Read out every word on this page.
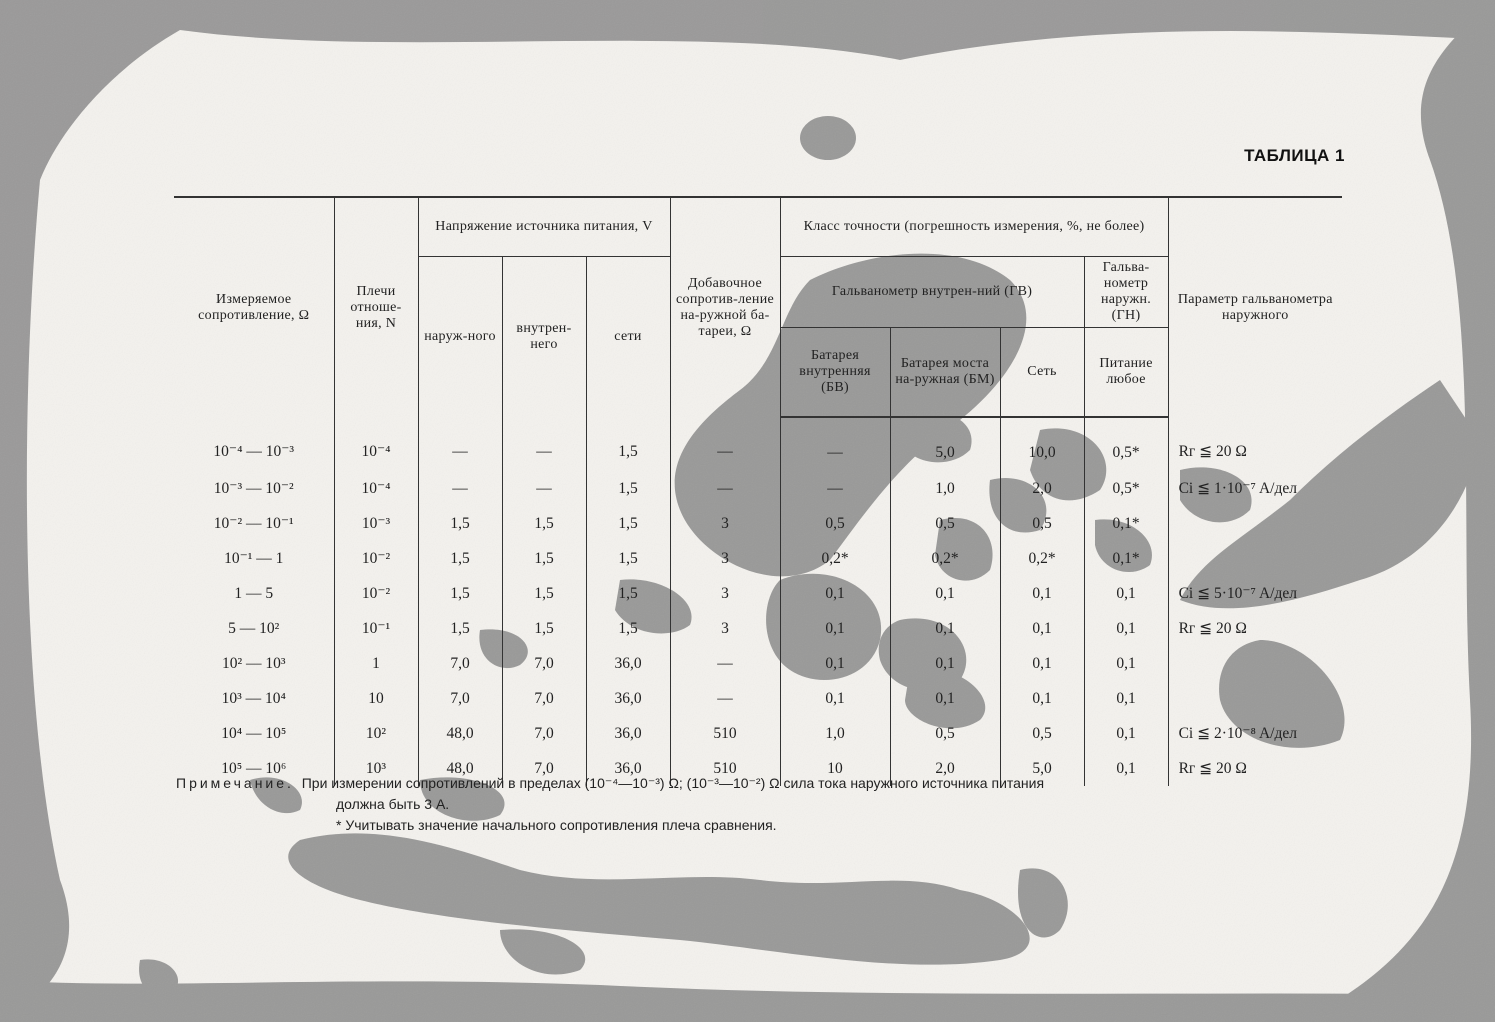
ТАБЛИЦА 1
Измеряемое сопротивление, Ω	Плечи отноше-ния, N	Напряжение источника питания, V			Добавочное сопротив-ление на-ружной ба-тареи, Ω	Класс точности (погрешность измерения, %, не более)				Параметр гальванометра наружного
		наруж-ного	внутрен-него	сети		Гальванометр внутрен-ний (ГВ)			Гальва-нометр наружн. (ГН)	
						Батарея внутренняя (БВ)	Батарея моста на-ружная (БМ)	Сеть	Питание любое	
10⁻⁴ — 10⁻³	10⁻⁴	—	—	1,5	—	—	5,0	10,0	0,5*	Rг ≦ 20 Ω
10⁻³ — 10⁻²	10⁻⁴	—	—	1,5	—	—	1,0	2,0	0,5*	Ci ≦ 1·10⁻⁷ A/дел
10⁻² — 10⁻¹	10⁻³	1,5	1,5	1,5	3	0,5	0,5	0,5	0,1*	
10⁻¹ — 1	10⁻²	1,5	1,5	1,5	3	0,2*	0,2*	0,2*	0,1*	
1 — 5	10⁻²	1,5	1,5	1,5	3	0,1	0,1	0,1	0,1	Ci ≦ 5·10⁻⁷ A/дел
5 — 10²	10⁻¹	1,5	1,5	1,5	3	0,1	0,1	0,1	0,1	Rг ≦ 20 Ω
10² — 10³	1	7,0	7,0	36,0	—	0,1	0,1	0,1	0,1	
10³ — 10⁴	10	7,0	7,0	36,0	—	0,1	0,1	0,1	0,1	
10⁴ — 10⁵	10²	48,0	7,0	36,0	510	1,0	0,5	0,5	0,1	Ci ≦ 2·10⁻⁸ A/дел
10⁵ — 10⁶	10³	48,0	7,0	36,0	510	10	2,0	5,0	0,1	Rг ≦ 20 Ω
Примечание. При измерении сопротивлений в пределах (10⁻⁴—10⁻³) Ω; (10⁻³—10⁻²) Ω сила тока наружного источника питания
должна быть 3 А.
* Учитывать значение начального сопротивления плеча сравнения.
